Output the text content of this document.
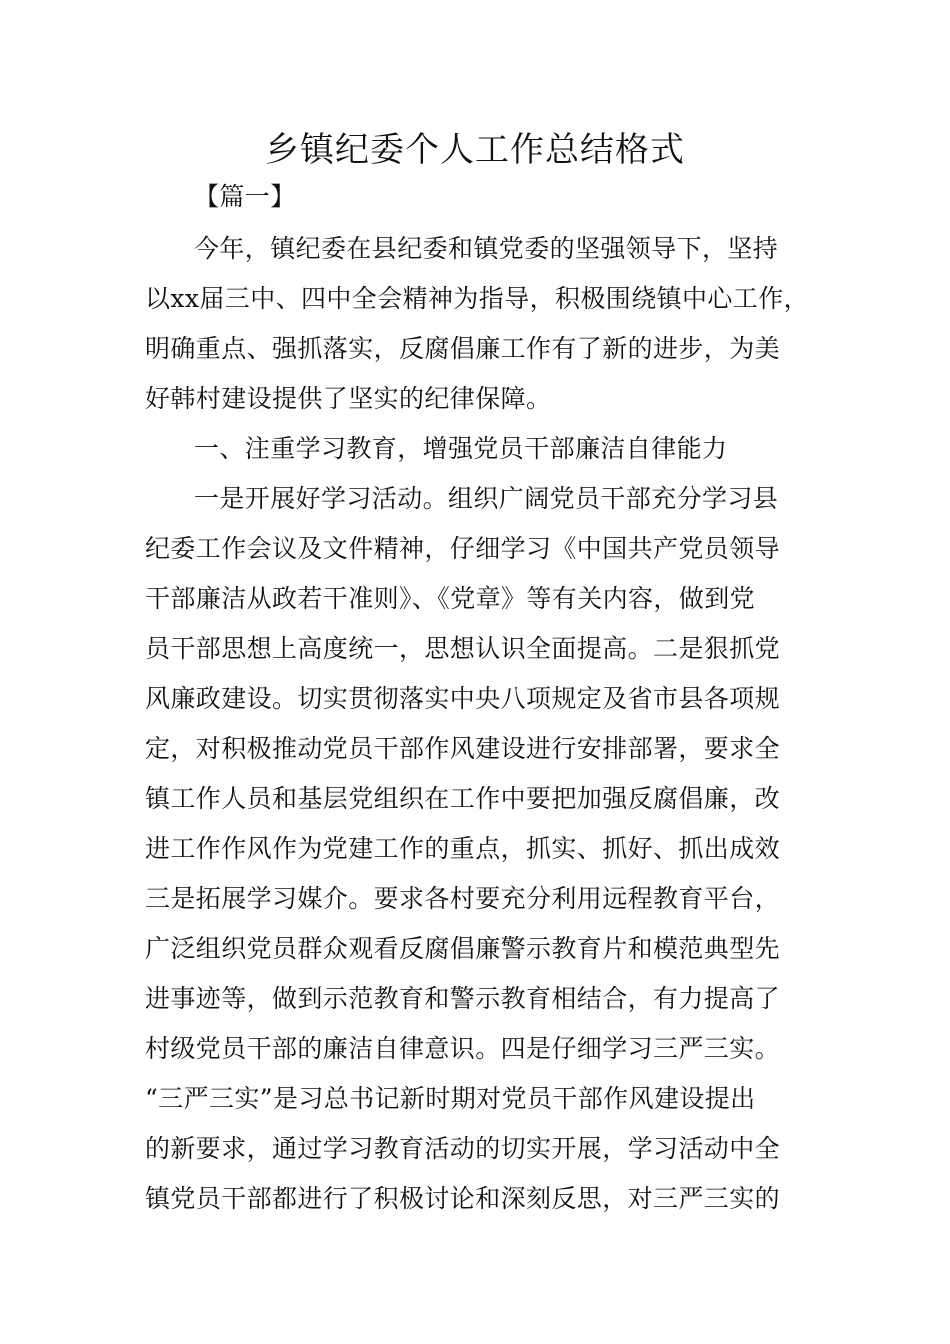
乡镇纪委个人工作总结格式
【篇一】
今年，镇纪委在县纪委和镇党委的坚强领导下，坚持
以xx届三中、四中全会精神为指导，积极围绕镇中心工作，
明确重点、强抓落实，反腐倡廉工作有了新的进步，为美
好韩村建设提供了坚实的纪律保障。
一、注重学习教育，增强党员干部廉洁自律能力
一是开展好学习活动。组织广阔党员干部充分学习县
纪委工作会议及文件精神，仔细学习《中国共产党员领导
干部廉洁从政若干准则》、《党章》等有关内容，做到党
员干部思想上高度统一，思想认识全面提高。二是狠抓党
风廉政建设。切实贯彻落实中央八项规定及省市县各项规
定，对积极推动党员干部作风建设进行安排部署，要求全
镇工作人员和基层党组织在工作中要把加强反腐倡廉，改
进工作作风作为党建工作的重点，抓实、抓好、抓出成效
三是拓展学习媒介。要求各村要充分利用远程教育平台，
广泛组织党员群众观看反腐倡廉警示教育片和模范典型先
进事迹等，做到示范教育和警示教育相结合，有力提高了
村级党员干部的廉洁自律意识。四是仔细学习三严三实。
“三严三实”是习总书记新时期对党员干部作风建设提出
的新要求，通过学习教育活动的切实开展，学习活动中全
镇党员干部都进行了积极讨论和深刻反思，对三严三实的
